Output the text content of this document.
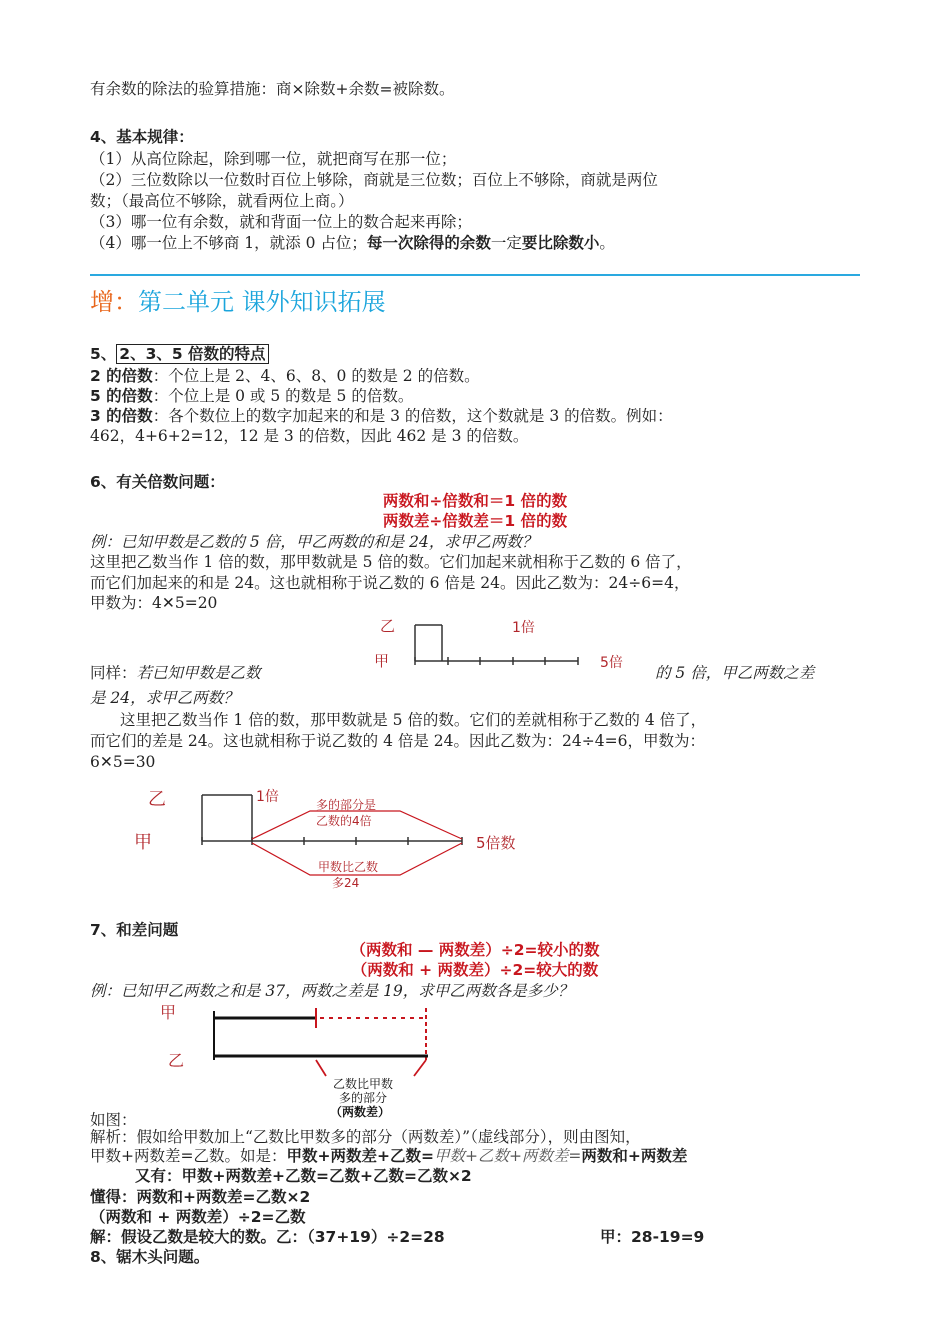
有余数的除法的验算措施：商×除数+余数=被除数。
4、基本规律：
（1）从高位除起，除到哪一位，就把商写在那一位；
（2）三位数除以一位数时百位上够除，商就是三位数；百位上不够除，商就是两位
数；（最高位不够除，就看两位上商。）
（3）哪一位有余数，就和背面一位上的数合起来再除；
（4）哪一位上不够商 1，就添 0 占位；每一次除得的余数一定要比除数小。
增：第二单元 课外知识拓展
5、 2、3、5 倍数的特点
2 的倍数：个位上是 2、4、6、8、0 的数是 2 的倍数。
5 的倍数：个位上是 0 或 5 的数是 5 的倍数。
3 的倍数：各个数位上的数字加起来的和是 3 的倍数，这个数就是 3 的倍数。例如：
462，4+6+2=12，12 是 3 的倍数，因此 462 是 3 的倍数。
6、有关倍数问题：
两数和÷倍数和＝1 倍的数
两数差÷倍数差＝1 倍的数
例：已知甲数是乙数的 5 倍，甲乙两数的和是 24，求甲乙两数？
这里把乙数当作 1 倍的数，那甲数就是 5 倍的数。它们加起来就相称于乙数的 6 倍了，
而它们加起来的和是 24。这也就相称于说乙数的 6 倍是 24。因此乙数为：24÷6=4，
甲数为：4✕5=20
乙
甲
1倍
5倍
同样：若已知甲数是乙数	的 5 倍，甲乙两数之差
是 24，求甲乙两数？
这里把乙数当作 1 倍的数，那甲数就是 5 倍的数。它们的差就相称于乙数的 4 倍了，
而它们的差是 24。这也就相称于说乙数的 4 倍是 24。因此乙数为：24÷4=6，甲数为：
6✕5=30
乙
甲
1倍	多的部分是
乙数的4倍
5倍数
甲数比乙数
多24
7、和差问题
（两数和 — 两数差）÷2=较小的数
（两数和 + 两数差）÷2=较大的数
例：已知甲乙两数之和是 37，两数之差是 19，求甲乙两数各是多少？
甲
乙
乙数比甲数
多的部分
（两数差）
如图：
解析：假如给甲数加上“乙数比甲数多的部分（两数差）”（虚线部分），则由图知，
甲数+两数差=乙数。如是：甲数+两数差+乙数=甲数+乙数+两数差=两数和+两数差
又有：甲数+两数差+乙数=乙数+乙数=乙数×2
懂得：两数和+两数差=乙数×2
（两数和 + 两数差）÷2=乙数
解：假设乙数是较大的数。乙：（37+19）÷2=28	甲：28-19=9
8、锯木头问题。
